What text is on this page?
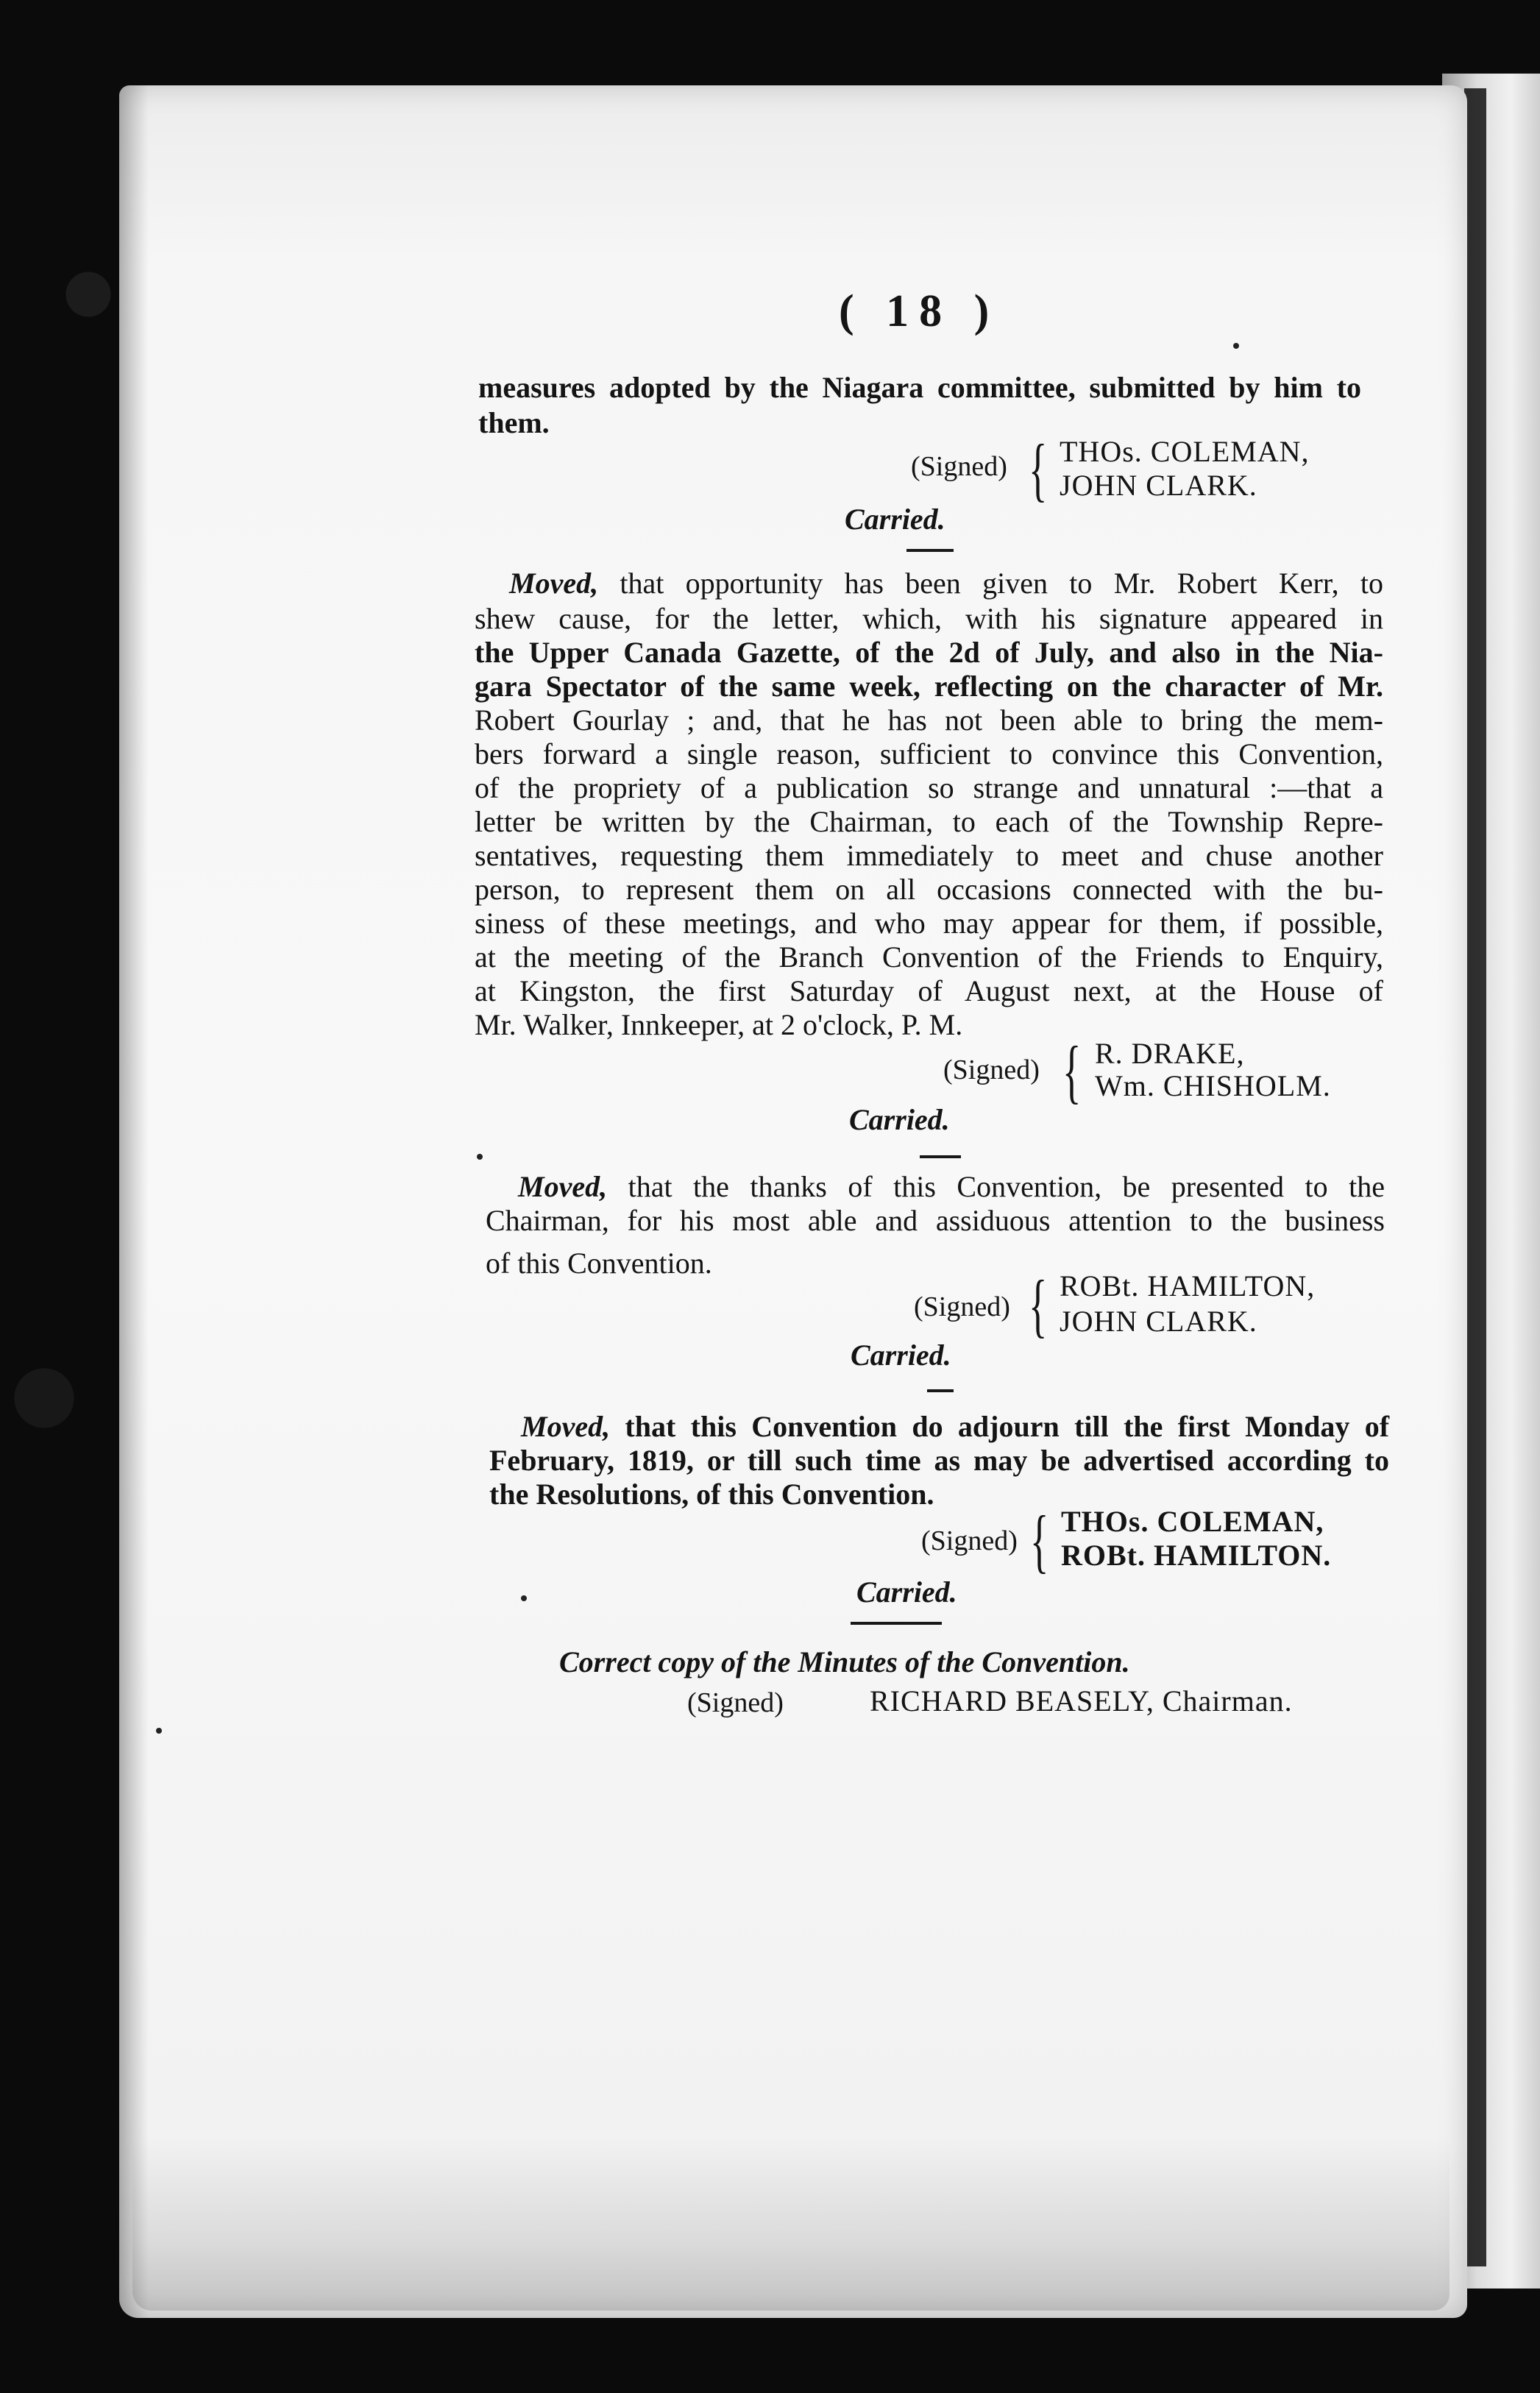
( 18 )
measures adopted by the Niagara committee, submitted by him to
them.
(Signed) { THOs. COLEMAN,
JOHN CLARK.
Carried.
Moved, that opportunity has been given to Mr. Robert Kerr, to
shew cause, for the letter, which, with his signature appeared in
the Upper Canada Gazette, of the 2d of July, and also in the Nia-
gara Spectator of the same week, reflecting on the character of Mr.
Robert Gourlay ; and, that he has not been able to bring the mem-
bers forward a single reason, sufficient to convince this Convention,
of the propriety of a publication so strange and unnatural :—that a
letter be written by the Chairman, to each of the Township Repre-
sentatives, requesting them immediately to meet and chuse another
person, to represent them on all occasions connected with the bu-
siness of these meetings, and who may appear for them, if possible,
at the meeting of the Branch Convention of the Friends to Enquiry,
at Kingston, the first Saturday of August next, at the House of
Mr. Walker, Innkeeper, at 2 o'clock, P. M.
(Signed) { R. DRAKE,
Wm. CHISHOLM.
Carried.
Moved, that the thanks of this Convention, be presented to the
Chairman, for his most able and assiduous attention to the business
of this Convention.
(Signed) { ROBt. HAMILTON,
JOHN CLARK.
Carried.
Moved, that this Convention do adjourn till the first Monday of
February, 1819, or till such time as may be advertised according to
the Resolutions, of this Convention.
(Signed) { THOs. COLEMAN,
ROBt. HAMILTON.
Carried.
Correct copy of the Minutes of the Convention.
(Signed)	RICHARD BEASELY, Chairman.
